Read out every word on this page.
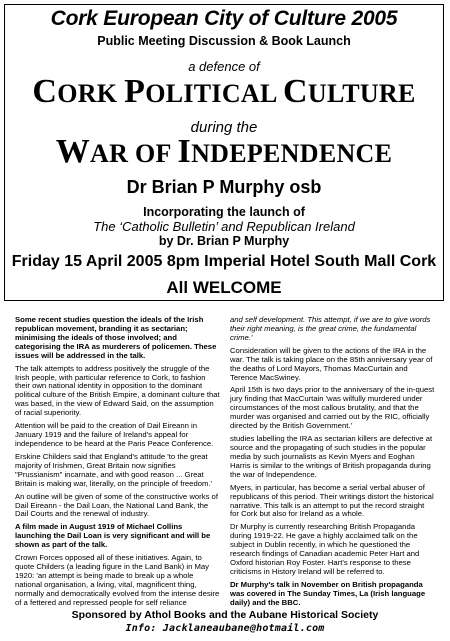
Cork European City of Culture 2005
Public Meeting Discussion & Book Launch
a defence of
CORK POLITICAL CULTURE
during the
WAR OF INDEPENDENCE
Dr Brian P Murphy osb
Incorporating the launch of
The ‘Catholic Bulletin’ and Republican Ireland
by Dr. Brian P Murphy
Friday 15 April 2005 8pm Imperial Hotel South Mall Cork
All WELCOME

Some recent studies question the ideals of the Irish republican movement, branding it as sectarian; minimising the ideals of those involved; and categorising the IRA as murderers of policemen. These issues will be addressed in the talk.

The talk attempts to address positively the struggle of the Irish people, with particular reference to Cork, to fashion their own national identity in opposition to the dominant political culture of the British Empire, a dominant culture that was based, in the view of Edward Said, on the assumption of racial superiority.

Attention will be paid to the creation of Dail Eireann in January 1919 and the failure of Ireland's appeal for independence to be heard at the Paris Peace Conference.

Erskine Childers said that England's attitude 'to the great majority of Irishmen, Great Britain now signifies "Prussianism" incarnate, and with good reason ... Great Britain is making war, literally, on the principle of freedom.'

An outline will be given of some of the constructive works of Dail Eireann - the Dail Loan, the National Land Bank, the Dail Courts and the renewal of industry.

A film made in August 1919 of Michael Collins launching the Dail Loan is very significant and will be shown as part of the talk.

Crown Forces opposed all of these initiatives. Again, to quote Childers (a leading figure in the Land Bank) in May 1920: 'an attempt is being made to break up a whole national organisation, a living, vital, magnificent thing, normally and democratically evolved from the intense desire of a fettered and repressed people for self reliance

and self development. This attempt, if we are to give words their right meaning, is the great crime, the fundamental crime.'

Consideration will be given to the actions of the IRA in the war. The talk is taking place on the 85th anniversary year of the deaths of Lord Mayors, Thomas MacCurtain and Terence MacSwiney.

April 15th is two days prior to the anniversary of the in-quest jury finding that MacCurtain 'was wilfully murdered under circumstances of the most callous brutality, and that the murder was organised and carried out by the RIC, officially directed by the British Government.'

studies labelling the IRA as sectarian killers are defective at source and the propagating of such studies in the popular media by such journalists as Kevin Myers and Eoghan Harris is similar to the writings of British propaganda during the war of Independence.

Myers, in particular, has become a serial verbal abuser of republicans of this period. Their writings distort the historical narrative. This talk is an attempt to put the record straight for Cork but also for Ireland as a whole.

Dr Murphy is currently researching British Propaganda during 1919-22. He gave a highly acclaimed talk on the subject in Dublin recently, in which he questioned the research findings of Canadian academic Peter Hart and Oxford historian Roy Foster. Hart's response to these criticisms in History Ireland will be referred to.

Dr Murphy's talk in November on British propaganda was covered in The Sunday Times, La (Irish language daily) and the BBC.

Sponsored by Athol Books and the Aubane Historical Society
Info: Jacklaneaubane@hotmail.com
